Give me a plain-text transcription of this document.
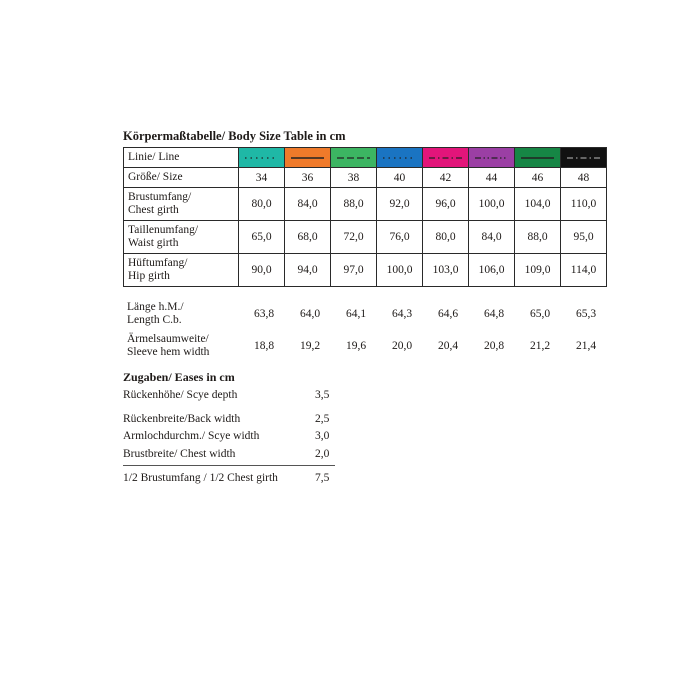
Körpermaßtabelle/ Body Size Table in cm
Linie/ Line	

Größe/ Size	34	36	38	40	42	44	46	48
Brustumfang/
Chest girth	80,0	84,0	88,0	92,0	96,0	100,0	104,0	110,0
Taillenumfang/
Waist girth	65,0	68,0	72,0	76,0	80,0	84,0	88,0	95,0
Hüftumfang/
Hip girth	90,0	94,0	97,0	100,0	103,0	106,0	109,0	114,0
Länge h.M./
Length C.b.	63,8	64,0	64,1	64,3	64,6	64,8	65,0	65,3
Ärmelsaumweite/
Sleeve hem width	18,8	19,2	19,6	20,0	20,4	20,8	21,2	21,4
Zugaben/ Eases in cm
Rückenhöhe/ Scye depth	3,5
Rückenbreite/Back width	2,5
Armlochdurchm./ Scye width	3,0
Brustbreite/ Chest width	2,0
1/2 Brustumfang / 1/2 Chest girth	7,5
